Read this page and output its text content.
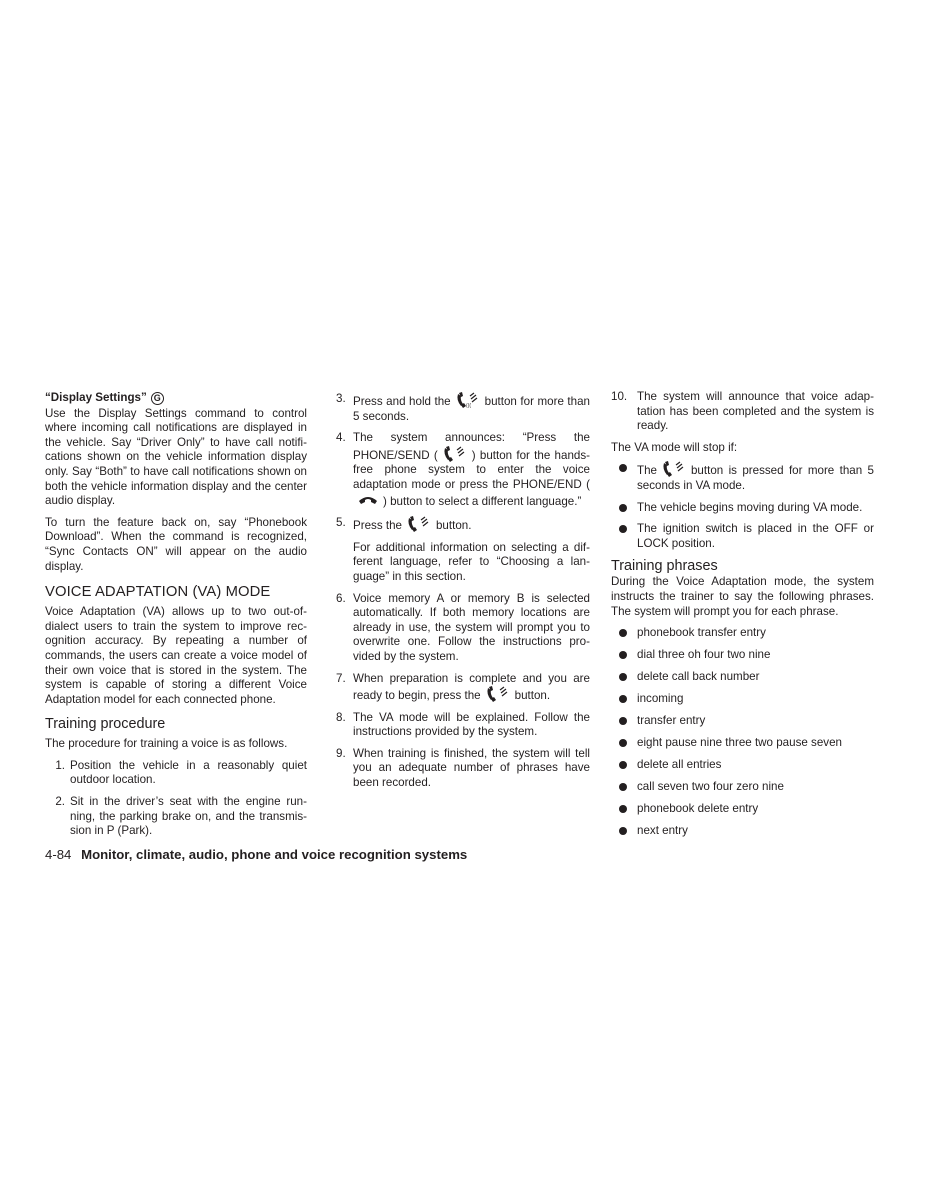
“Display Settings” G

Use the Display Settings command to control where incoming call notifications are displayed in the vehicle. Say “Driver Only” to have call notifications shown on the vehicle information display only. Say “Both” to have call notifications shown on both the vehicle information display and the center audio display.

To turn the feature back on, say “Phonebook Download”. When the command is recognized, “Sync Contacts ON” will appear on the audio display.

VOICE ADAPTATION (VA) MODE

Voice Adaptation (VA) allows up to two out-of-dialect users to train the system to improve recognition accuracy. By repeating a number of commands, the users can create a voice model of their own voice that is stored in the system. The system is capable of storing a different Voice Adaptation model for each connected phone.

Training procedure

The procedure for training a voice is as follows.

1. Position the vehicle in a reasonably quiet outdoor location.
2. Sit in the driver’s seat with the engine running, the parking brake on, and the transmission in P (Park).
3. Press and hold the	((( button for more than 5 seconds.
4. The system announces: “Press the PHONE/SEND (	) button for the hands-free phone system to enter the voice adaptation mode or press the PHONE/END () button to select a different language.”
5. Press the	button.

For additional information on selecting a different language, refer to “Choosing a language” in this section.

6. Voice memory A or memory B is selected automatically. If both memory locations are already in use, the system will prompt you to overwrite one. Follow the instructions provided by the system.
7. When preparation is complete and you are ready to begin, press the	button.
8. The VA mode will be explained. Follow the instructions provided by the system.
9. When training is finished, the system will tell you an adequate number of phrases have been recorded.
10. The system will announce that voice adaptation has been completed and the system is ready.

The VA mode will stop if:

The	button is pressed for more than 5 seconds in VA mode.
The vehicle begins moving during VA mode.
The ignition switch is placed in the OFF or LOCK position.
Training phrases

During the Voice Adaptation mode, the system instructs the trainer to say the following phrases. The system will prompt you for each phrase.

phonebook transfer entry
dial three oh four two nine
delete call back number
incoming
transfer entry
eight pause nine three two pause seven
delete all entries
call seven two four zero nine
phonebook delete entry
next entry
4-84 Monitor, climate, audio, phone and voice recognition systems
